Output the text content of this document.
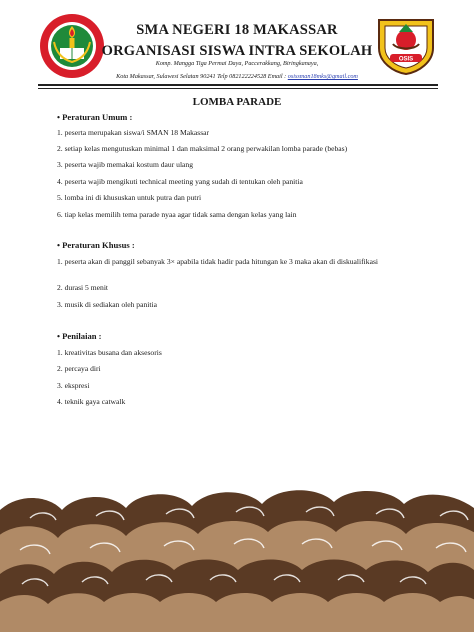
OSIS
SMA NEGERI 18 MAKASSAR
ORGANISASI SISWA INTRA SEKOLAH
Komp. Mangga Tiga Permai Daya, Paccerakkang, Biringkanaya,
Kota Makassar, Sulawesi Selatan 90241 Telp 082122224528 Email : osissman18mks@gmail.com
LOMBA PARADE
• Peraturan Umum :
1. peserta merupakan siswa/i SMAN 18 Makassar
2. setiap kelas mengutuskan minimal 1 dan maksimal 2 orang perwakilan lomba parade (bebas)
3. peserta wajib memakai kostum daur ulang
4. peserta wajib mengikuti technical meeting yang sudah di tentukan oleh panitia
5. lomba ini di khususkan untuk putra dan putri
6. tiap kelas memilih tema parade nyaa agar tidak sama dengan kelas yang lain
• Peraturan Khusus :
1. peserta akan di panggil sebanyak 3× apabila tidak hadir pada hitungan ke 3 maka akan di diskualifikasi
2. durasi 5 menit
3. musik di sediakan oleh panitia
• Penilaian :
1. kreativitas busana dan aksesoris
2. percaya diri
3. ekspresi
4. teknik gaya catwalk
